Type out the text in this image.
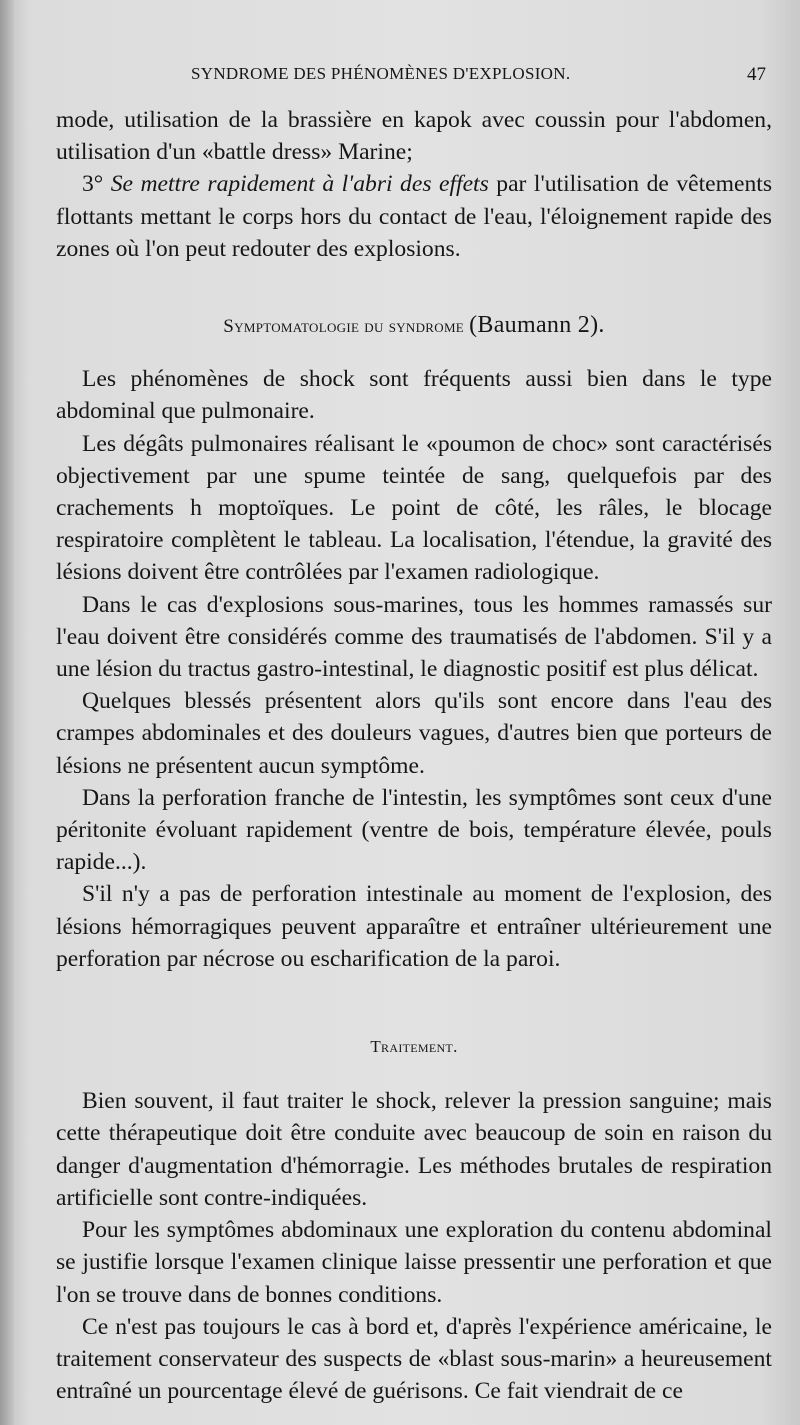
SYNDROME DES PHÉNOMÈNES D'EXPLOSION.	47

mode, utilisation de la brassière en kapok avec coussin pour l'abdomen, utilisation d'un «battle dress» Marine;

3° Se mettre rapidement à l'abri des effets par l'utilisation de vêtements flottants mettant le corps hors du contact de l'eau, l'éloignement rapide des zones où l'on peut redouter des explosions.

Symptomatologie du syndrome (Baumann 2).

Les phénomènes de shock sont fréquents aussi bien dans le type abdominal que pulmonaire.

Les dégâts pulmonaires réalisant le «poumon de choc» sont caractérisés objectivement par une spume teintée de sang, quelquefois par des crachements h moptoïques. Le point de côté, les râles, le blocage respiratoire complètent le tableau. La localisation, l'étendue, la gravité des lésions doivent être contrôlées par l'examen radiologique.

Dans le cas d'explosions sous-marines, tous les hommes ramassés sur l'eau doivent être considérés comme des traumatisés de l'abdomen. S'il y a une lésion du tractus gastro-intestinal, le diagnostic positif est plus délicat.

Quelques blessés présentent alors qu'ils sont encore dans l'eau des crampes abdominales et des douleurs vagues, d'autres bien que porteurs de lésions ne présentent aucun symptôme.

Dans la perforation franche de l'intestin, les symptômes sont ceux d'une péritonite évoluant rapidement (ventre de bois, température élevée, pouls rapide...).

S'il n'y a pas de perforation intestinale au moment de l'explosion, des lésions hémorragiques peuvent apparaître et entraîner ultérieurement une perforation par nécrose ou escharification de la paroi.

Traitement.

Bien souvent, il faut traiter le shock, relever la pression sanguine; mais cette thérapeutique doit être conduite avec beaucoup de soin en raison du danger d'augmentation d'hémorragie. Les méthodes brutales de respiration artificielle sont contre-indiquées.

Pour les symptômes abdominaux une exploration du contenu abdominal se justifie lorsque l'examen clinique laisse pressentir une perforation et que l'on se trouve dans de bonnes conditions.

Ce n'est pas toujours le cas à bord et, d'après l'expérience américaine, le traitement conservateur des suspects de «blast sous-marin» a heureusement entraîné un pourcentage élevé de guérisons. Ce fait viendrait de ce
